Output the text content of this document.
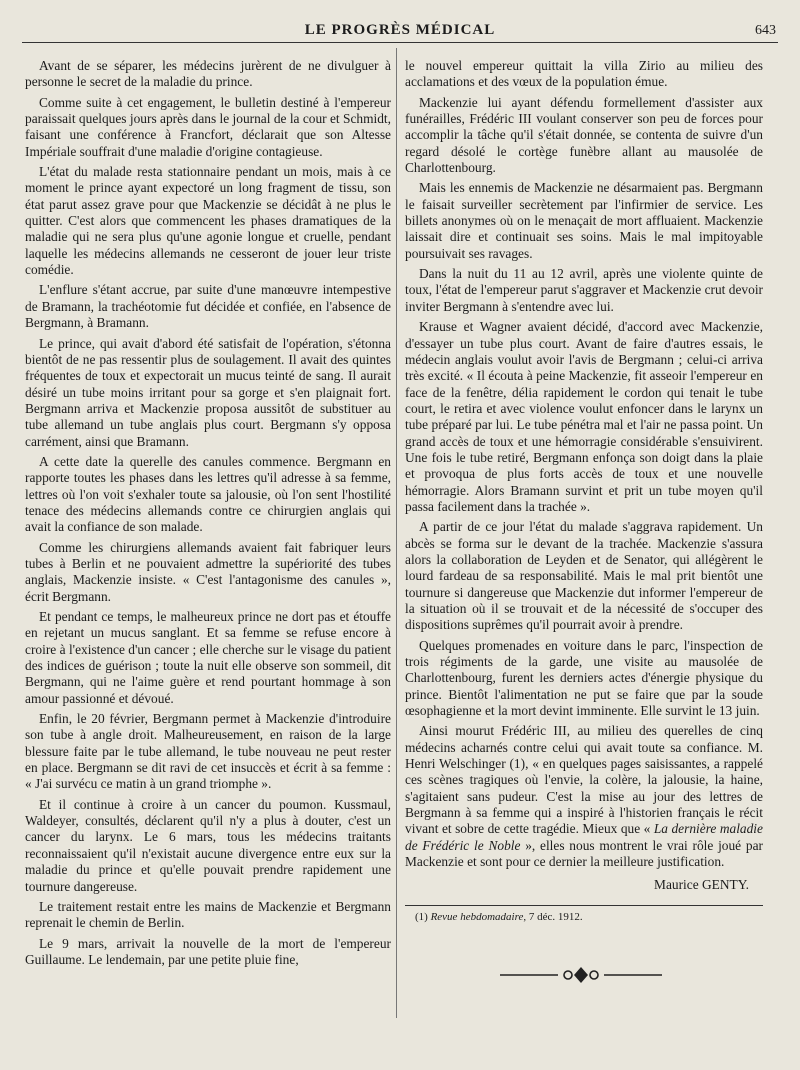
LE PROGRÈS MÉDICAL	643

Avant de se séparer, les médecins jurèrent de ne divulguer à personne le secret de la maladie du prince.

Comme suite à cet engagement, le bulletin destiné à l'empereur paraissait quelques jours après dans le journal de la cour et Schmidt, faisant une conférence à Francfort, déclarait que son Altesse Impériale souffrait d'une maladie d'origine contagieuse.

L'état du malade resta stationnaire pendant un mois, mais à ce moment le prince ayant expectoré un long fragment de tissu, son état parut assez grave pour que Mackenzie se décidât à ne plus le quitter. C'est alors que commencent les phases dramatiques de la maladie qui ne sera plus qu'une agonie longue et cruelle, pendant laquelle les médecins allemands ne cesseront de jouer leur triste comédie.

L'enflure s'étant accrue, par suite d'une manœuvre intempestive de Bramann, la trachéotomie fut décidée et confiée, en l'absence de Bergmann, à Bramann.

Le prince, qui avait d'abord été satisfait de l'opération, s'étonna bientôt de ne pas ressentir plus de soulagement. Il avait des quintes fréquentes de toux et expectorait un mucus teinté de sang. Il aurait désiré un tube moins irritant pour sa gorge et s'en plaignait fort. Bergmann arriva et Mackenzie proposa aussitôt de substituer au tube allemand un tube anglais plus court. Bergmann s'y opposa carrément, ainsi que Bramann.

A cette date la querelle des canules commence. Bergmann en rapporte toutes les phases dans les lettres qu'il adresse à sa femme, lettres où l'on voit s'exhaler toute sa jalousie, où l'on sent l'hostilité tenace des médecins allemands contre ce chirurgien anglais qui avait la confiance de son malade.

Comme les chirurgiens allemands avaient fait fabriquer leurs tubes à Berlin et ne pouvaient admettre la supériorité des tubes anglais, Mackenzie insiste. « C'est l'antagonisme des canules », écrit Bergmann.

Et pendant ce temps, le malheureux prince ne dort pas et étouffe en rejetant un mucus sanglant. Et sa femme se refuse encore à croire à l'existence d'un cancer ; elle cherche sur le visage du patient des indices de guérison ; toute la nuit elle observe son sommeil, dit Bergmann, qui ne l'aime guère et rend pourtant hommage à son amour passionné et dévoué.

Enfin, le 20 février, Bergmann permet à Mackenzie d'introduire son tube à angle droit. Malheureusement, en raison de la large blessure faite par le tube allemand, le tube nouveau ne peut rester en place. Bergmann se dit ravi de cet insuccès et écrit à sa femme : « J'ai survécu ce matin à un grand triomphe ».

Et il continue à croire à un cancer du poumon. Kussmaul, Waldeyer, consultés, déclarent qu'il n'y a plus à douter, c'est un cancer du larynx. Le 6 mars, tous les médecins traitants reconnaissaient qu'il n'existait aucune divergence entre eux sur la maladie du prince et qu'elle pouvait prendre rapidement une tournure dangereuse.

Le traitement restait entre les mains de Mackenzie et Bergmann reprenait le chemin de Berlin.

Le 9 mars, arrivait la nouvelle de la mort de l'empereur Guillaume. Le lendemain, par une petite pluie fine,

le nouvel empereur quittait la villa Zirio au milieu des acclamations et des vœux de la population émue.

Mackenzie lui ayant défendu formellement d'assister aux funérailles, Frédéric III voulant conserver son peu de forces pour accomplir la tâche qu'il s'était donnée, se contenta de suivre d'un regard désolé le cortège funèbre allant au mausolée de Charlottenbourg.

Mais les ennemis de Mackenzie ne désarmaient pas. Bergmann le faisait surveiller secrètement par l'infirmier de service. Les billets anonymes où on le menaçait de mort affluaient. Mackenzie laissait dire et continuait ses soins. Mais le mal impitoyable poursuivait ses ravages.

Dans la nuit du 11 au 12 avril, après une violente quinte de toux, l'état de l'empereur parut s'aggraver et Mackenzie crut devoir inviter Bergmann à s'entendre avec lui.

Krause et Wagner avaient décidé, d'accord avec Mackenzie, d'essayer un tube plus court. Avant de faire d'autres essais, le médecin anglais voulut avoir l'avis de Bergmann ; celui-ci arriva très excité. « Il écouta à peine Mackenzie, fit asseoir l'empereur en face de la fenêtre, délia rapidement le cordon qui tenait le tube court, le retira et avec violence voulut enfoncer dans le larynx un tube préparé par lui. Le tube pénétra mal et l'air ne passa point. Un grand accès de toux et une hémorragie considérable s'ensuivirent. Une fois le tube retiré, Bergmann enfonça son doigt dans la plaie et provoqua de plus forts accès de toux et une nouvelle hémorragie. Alors Bramann survint et prit un tube moyen qu'il passa facilement dans la trachée ».

A partir de ce jour l'état du malade s'aggrava rapidement. Un abcès se forma sur le devant de la trachée. Mackenzie s'assura alors la collaboration de Leyden et de Senator, qui allégèrent le lourd fardeau de sa responsabilité. Mais le mal prit bientôt une tournure si dangereuse que Mackenzie dut informer l'empereur de la situation où il se trouvait et de la nécessité de s'occuper des dispositions suprêmes qu'il pourrait avoir à prendre.

Quelques promenades en voiture dans le parc, l'inspection de trois régiments de la garde, une visite au mausolée de Charlottenbourg, furent les derniers actes d'énergie physique du prince. Bientôt l'alimentation ne put se faire que par la soude œsophagienne et la mort devint imminente. Elle survint le 13 juin.

Ainsi mourut Frédéric III, au milieu des querelles de cinq médecins acharnés contre celui qui avait toute sa confiance. M. Henri Welschinger (1), « en quelques pages saisissantes, a rappelé ces scènes tragiques où l'envie, la colère, la jalousie, la haine, s'agitaient sans pudeur. C'est la mise au jour des lettres de Bergmann à sa femme qui a inspiré à l'historien français le récit vivant et sobre de cette tragédie. Mieux que « La dernière maladie de Frédéric le Noble », elles nous montrent le vrai rôle joué par Mackenzie et sont pour ce dernier la meilleure justification.

Maurice GENTY.
(1) Revue hebdomadaire, 7 déc. 1912.
